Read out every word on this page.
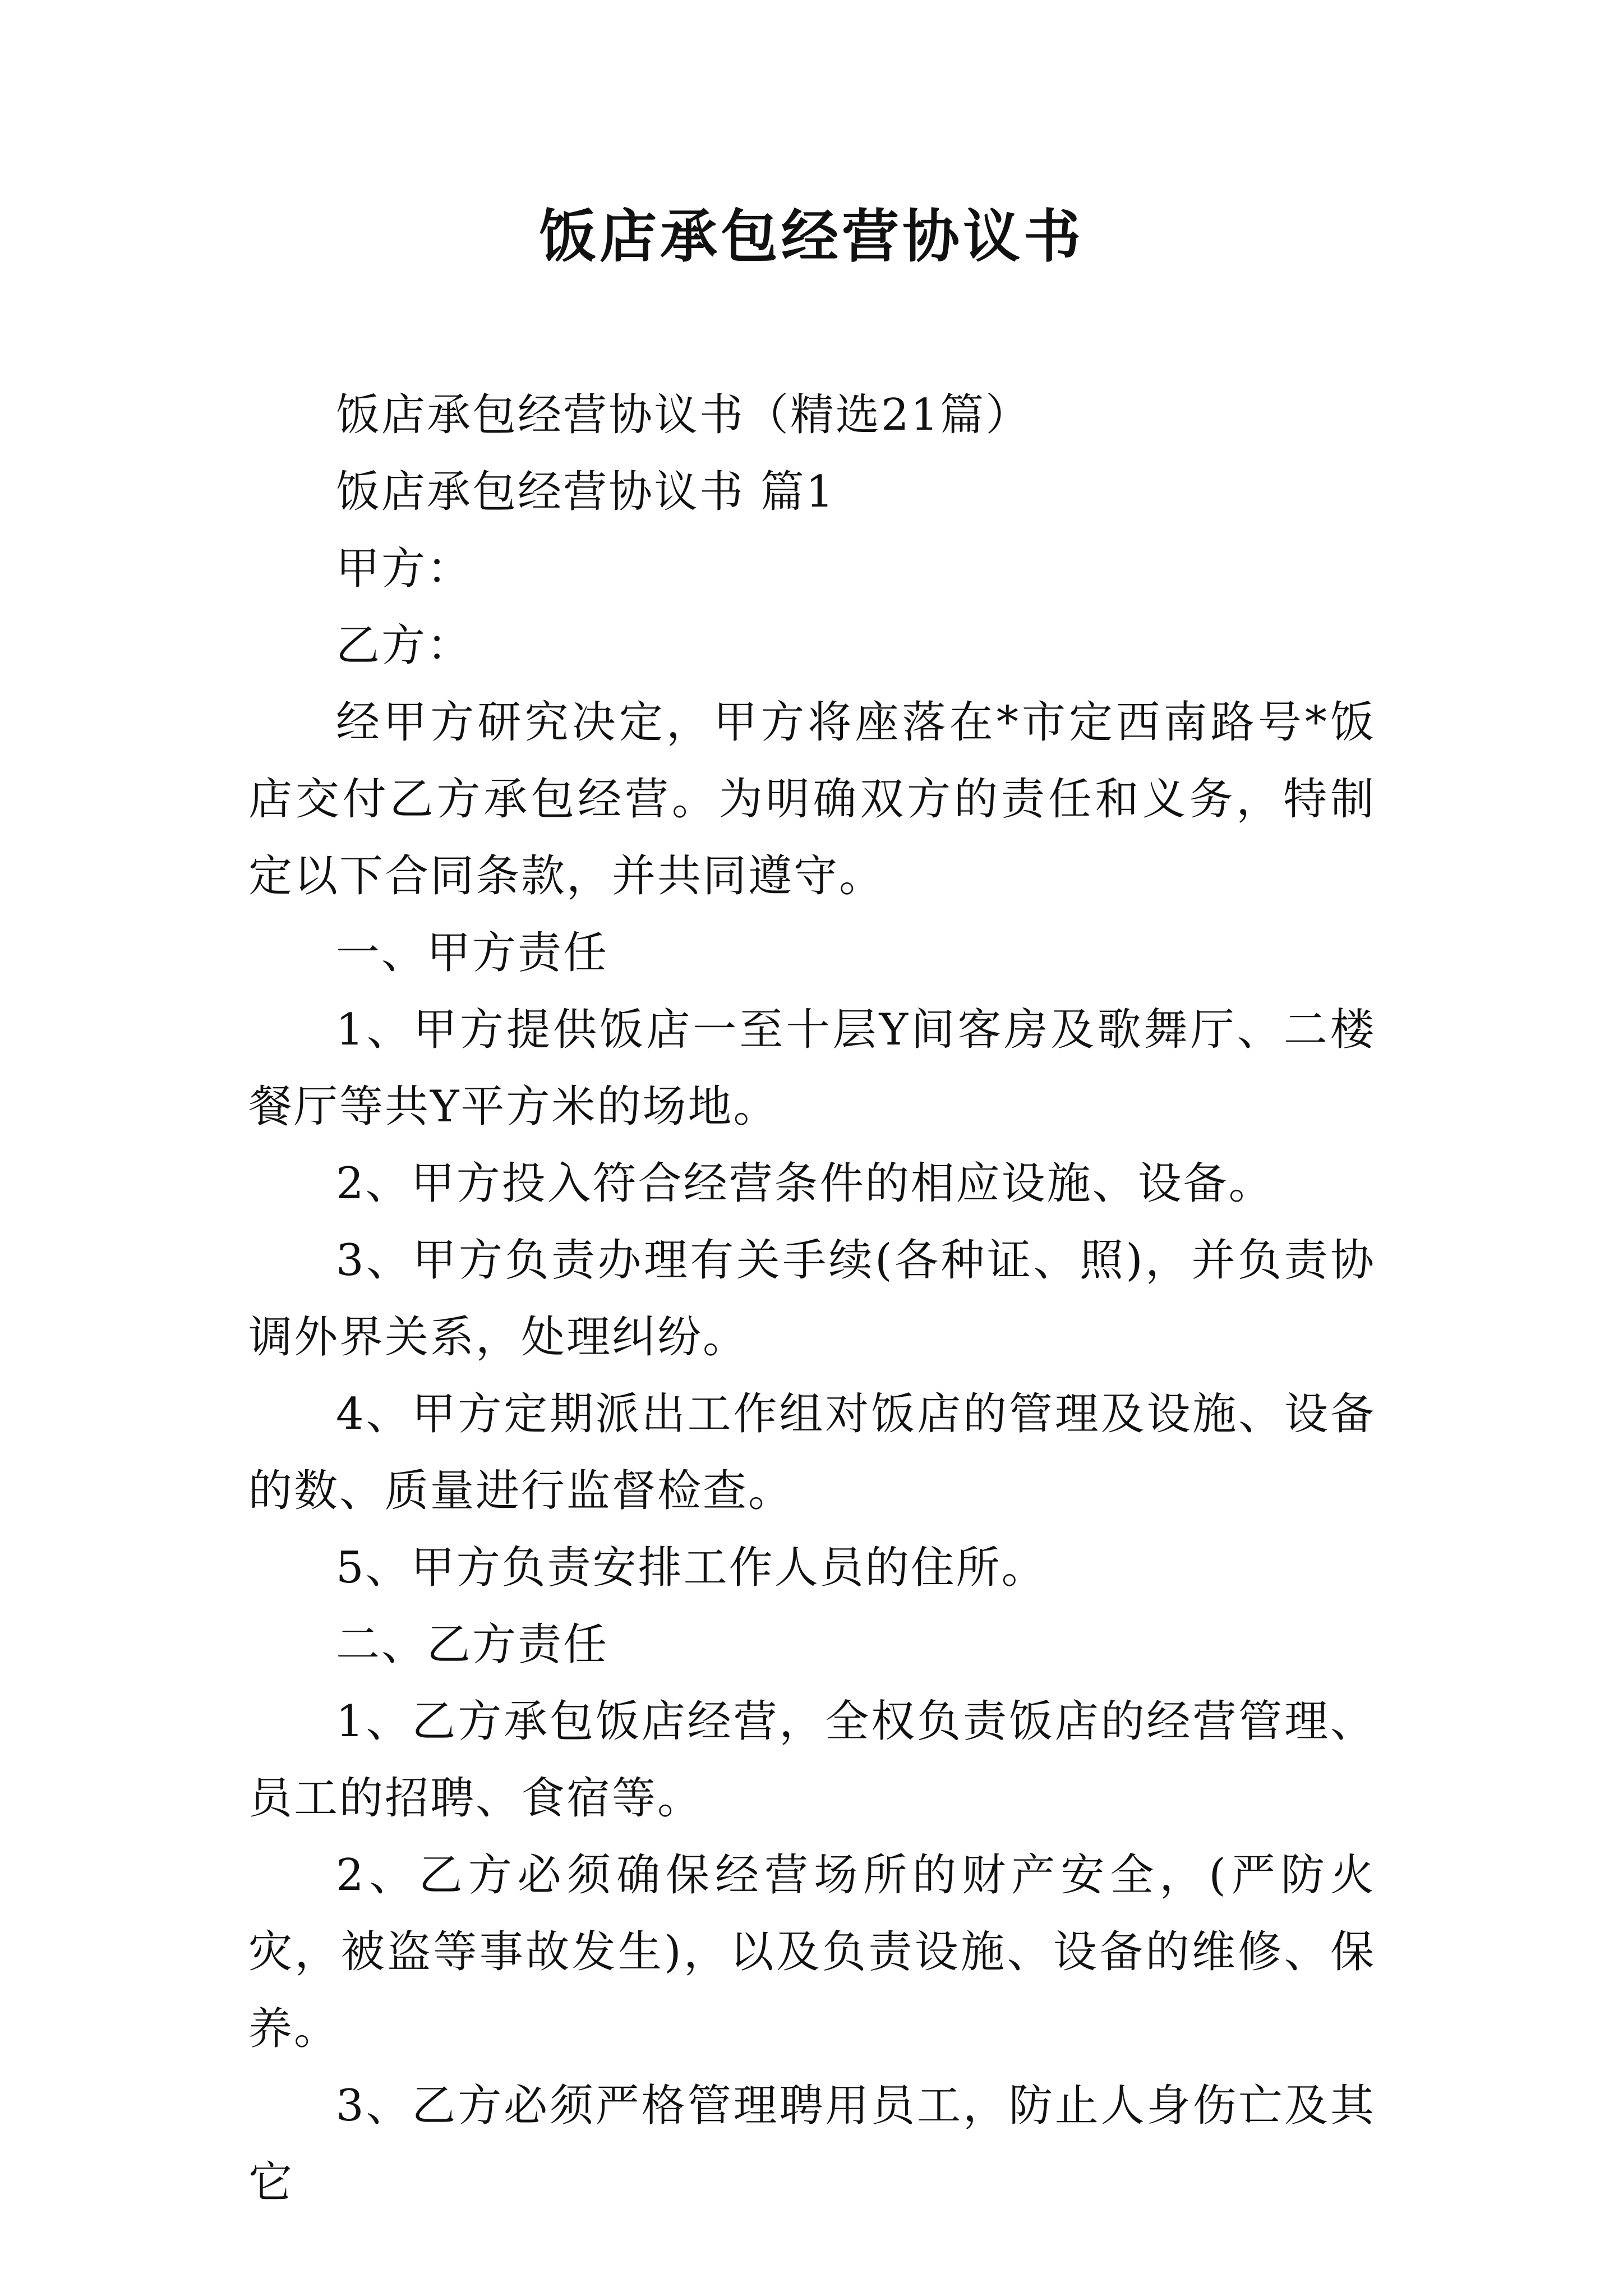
饭店承包经营协议书

饭店承包经营协议书（精选21篇）

饭店承包经营协议书 篇1

甲方：

乙方：

经甲方研究决定，甲方将座落在*市定西南路号*饭店交付乙方承包经营。为明确双方的责任和义务，特制定以下合同条款，并共同遵守。

一、甲方责任

1、甲方提供饭店一至十层Y间客房及歌舞厅、二楼餐厅等共Y平方米的场地。

2、甲方投入符合经营条件的相应设施、设备。

3、甲方负责办理有关手续(各种证、照)，并负责协调外界关系，处理纠纷。

4、甲方定期派出工作组对饭店的管理及设施、设备的数、质量进行监督检查。

5、甲方负责安排工作人员的住所。

二、乙方责任

1、乙方承包饭店经营，全权负责饭店的经营管理、员工的招聘、食宿等。

2、乙方必须确保经营场所的财产安全，(严防火灾，被盗等事故发生)，以及负责设施、设备的维修、保养。

3、乙方必须严格管理聘用员工，防止人身伤亡及其它
